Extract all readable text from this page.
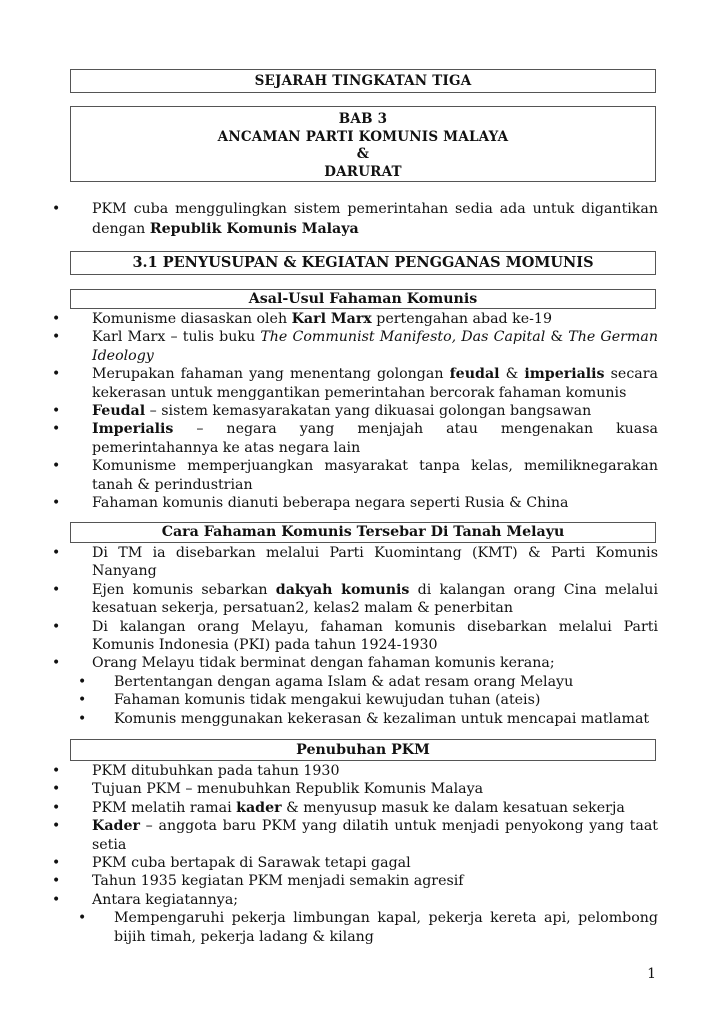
SEJARAH TINGKATAN TIGA
BAB 3
ANCAMAN PARTI KOMUNIS MALAYA
&
DARURAT
• PKM cuba menggulingkan sistem pemerintahan sedia ada untuk digantikan dengan Republik Komunis Malaya
3.1 PENYUSUPAN & KEGIATAN PENGGANAS MOMUNIS
Asal-Usul Fahaman Komunis
• Komunisme diasaskan oleh Karl Marx pertengahan abad ke-19
• Karl Marx – tulis buku The Communist Manifesto, Das Capital & The German Ideology
• Merupakan fahaman yang menentang golongan feudal & imperialis secara kekerasan untuk menggantikan pemerintahan bercorak fahaman komunis
• Feudal – sistem kemasyarakatan yang dikuasai golongan bangsawan
• Imperialis – negara yang menjajah atau mengenakan kuasa pemerintahannya ke atas negara lain
• Komunisme memperjuangkan masyarakat tanpa kelas, memiliknegarakan tanah & perindustrian
• Fahaman komunis dianuti beberapa negara seperti Rusia & China
Cara Fahaman Komunis Tersebar Di Tanah Melayu
• Di TM ia disebarkan melalui Parti Kuomintang (KMT) & Parti Komunis Nanyang
• Ejen komunis sebarkan dakyah komunis di kalangan orang Cina melalui kesatuan sekerja, persatuan2, kelas2 malam & penerbitan
• Di kalangan orang Melayu, fahaman komunis disebarkan melalui Parti Komunis Indonesia (PKI) pada tahun 1924-1930
• Orang Melayu tidak berminat dengan fahaman komunis kerana;
• Bertentangan dengan agama Islam & adat resam orang Melayu
• Fahaman komunis tidak mengakui kewujudan tuhan (ateis)
• Komunis menggunakan kekerasan & kezaliman untuk mencapai matlamat
Penubuhan PKM
• PKM ditubuhkan pada tahun 1930
• Tujuan PKM – menubuhkan Republik Komunis Malaya
• PKM melatih ramai kader & menyusup masuk ke dalam kesatuan sekerja
• Kader – anggota baru PKM yang dilatih untuk menjadi penyokong yang taat setia
• PKM cuba bertapak di Sarawak tetapi gagal
• Tahun 1935 kegiatan PKM menjadi semakin agresif
• Antara kegiatannya;
• Mempengaruhi pekerja limbungan kapal, pekerja kereta api, pelombong bijih timah, pekerja ladang & kilang
1
